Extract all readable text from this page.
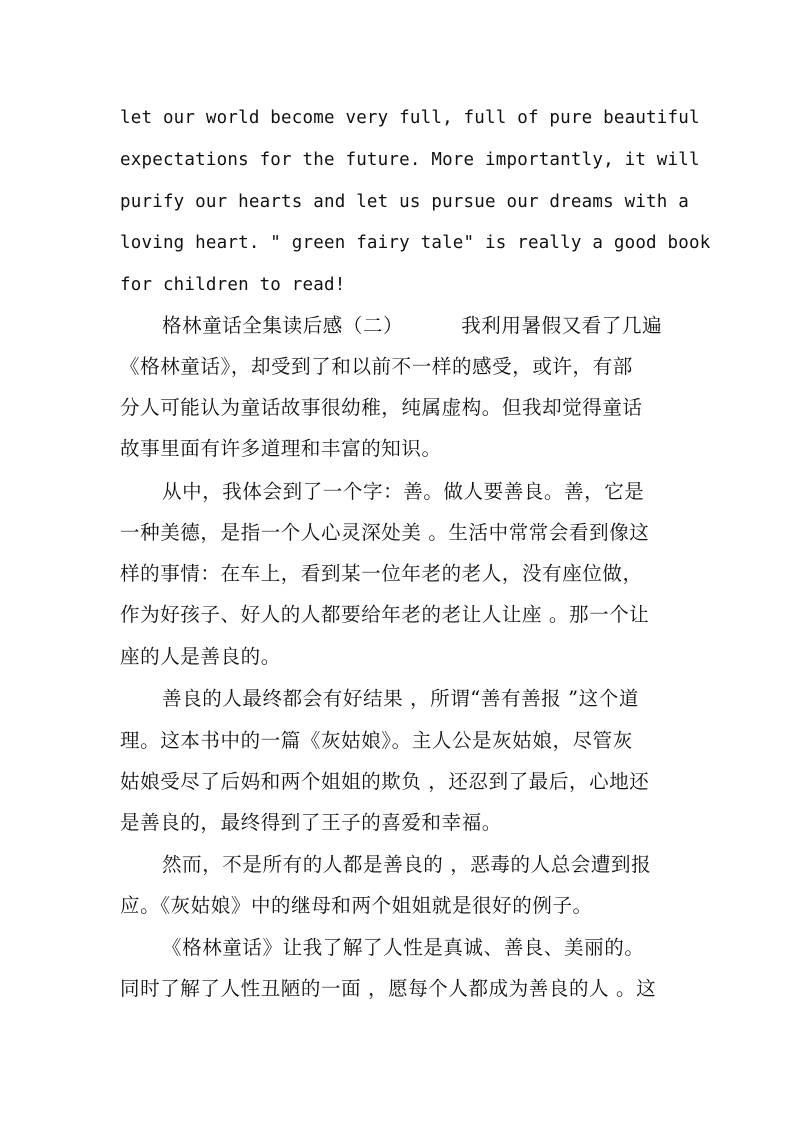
let our world become very full, full of pure beautiful
expectations for the future. More importantly, it will
purify our hearts and let us pursue our dreams with a
loving heart. " green fairy tale" is really a good book
for children to read!
格林童话全集读后感（二）	我利用暑假又看了几遍
《格林童话》，却受到了和以前不一样的感受，或许，有部
分人可能认为童话故事很幼稚，纯属虚构。但我却觉得童话
故事里面有许多道理和丰富的知识。
从中，我体会到了一个字：善。做人要善良。善，它是
一种美德，是指一个人心灵深处美 。生活中常常会看到像这
样的事情：在车上，看到某一位年老的老人，没有座位做，
作为好孩子、好人的人都要给年老的老让人让座 。那一个让
座的人是善良的。
善良的人最终都会有好结果 ，所谓“善有善报 ”这个道
理。这本书中的一篇《灰姑娘》。主人公是灰姑娘，尽管灰
姑娘受尽了后妈和两个姐姐的欺负 ，还忍到了最后，心地还
是善良的，最终得到了王子的喜爱和幸福。
然而，不是所有的人都是善良的 ，恶毒的人总会遭到报
应。《灰姑娘》中的继母和两个姐姐就是很好的例子。
《格林童话》让我了解了人性是真诚、善良、美丽的。
同时了解了人性丑陋的一面 ，愿每个人都成为善良的人 。这
